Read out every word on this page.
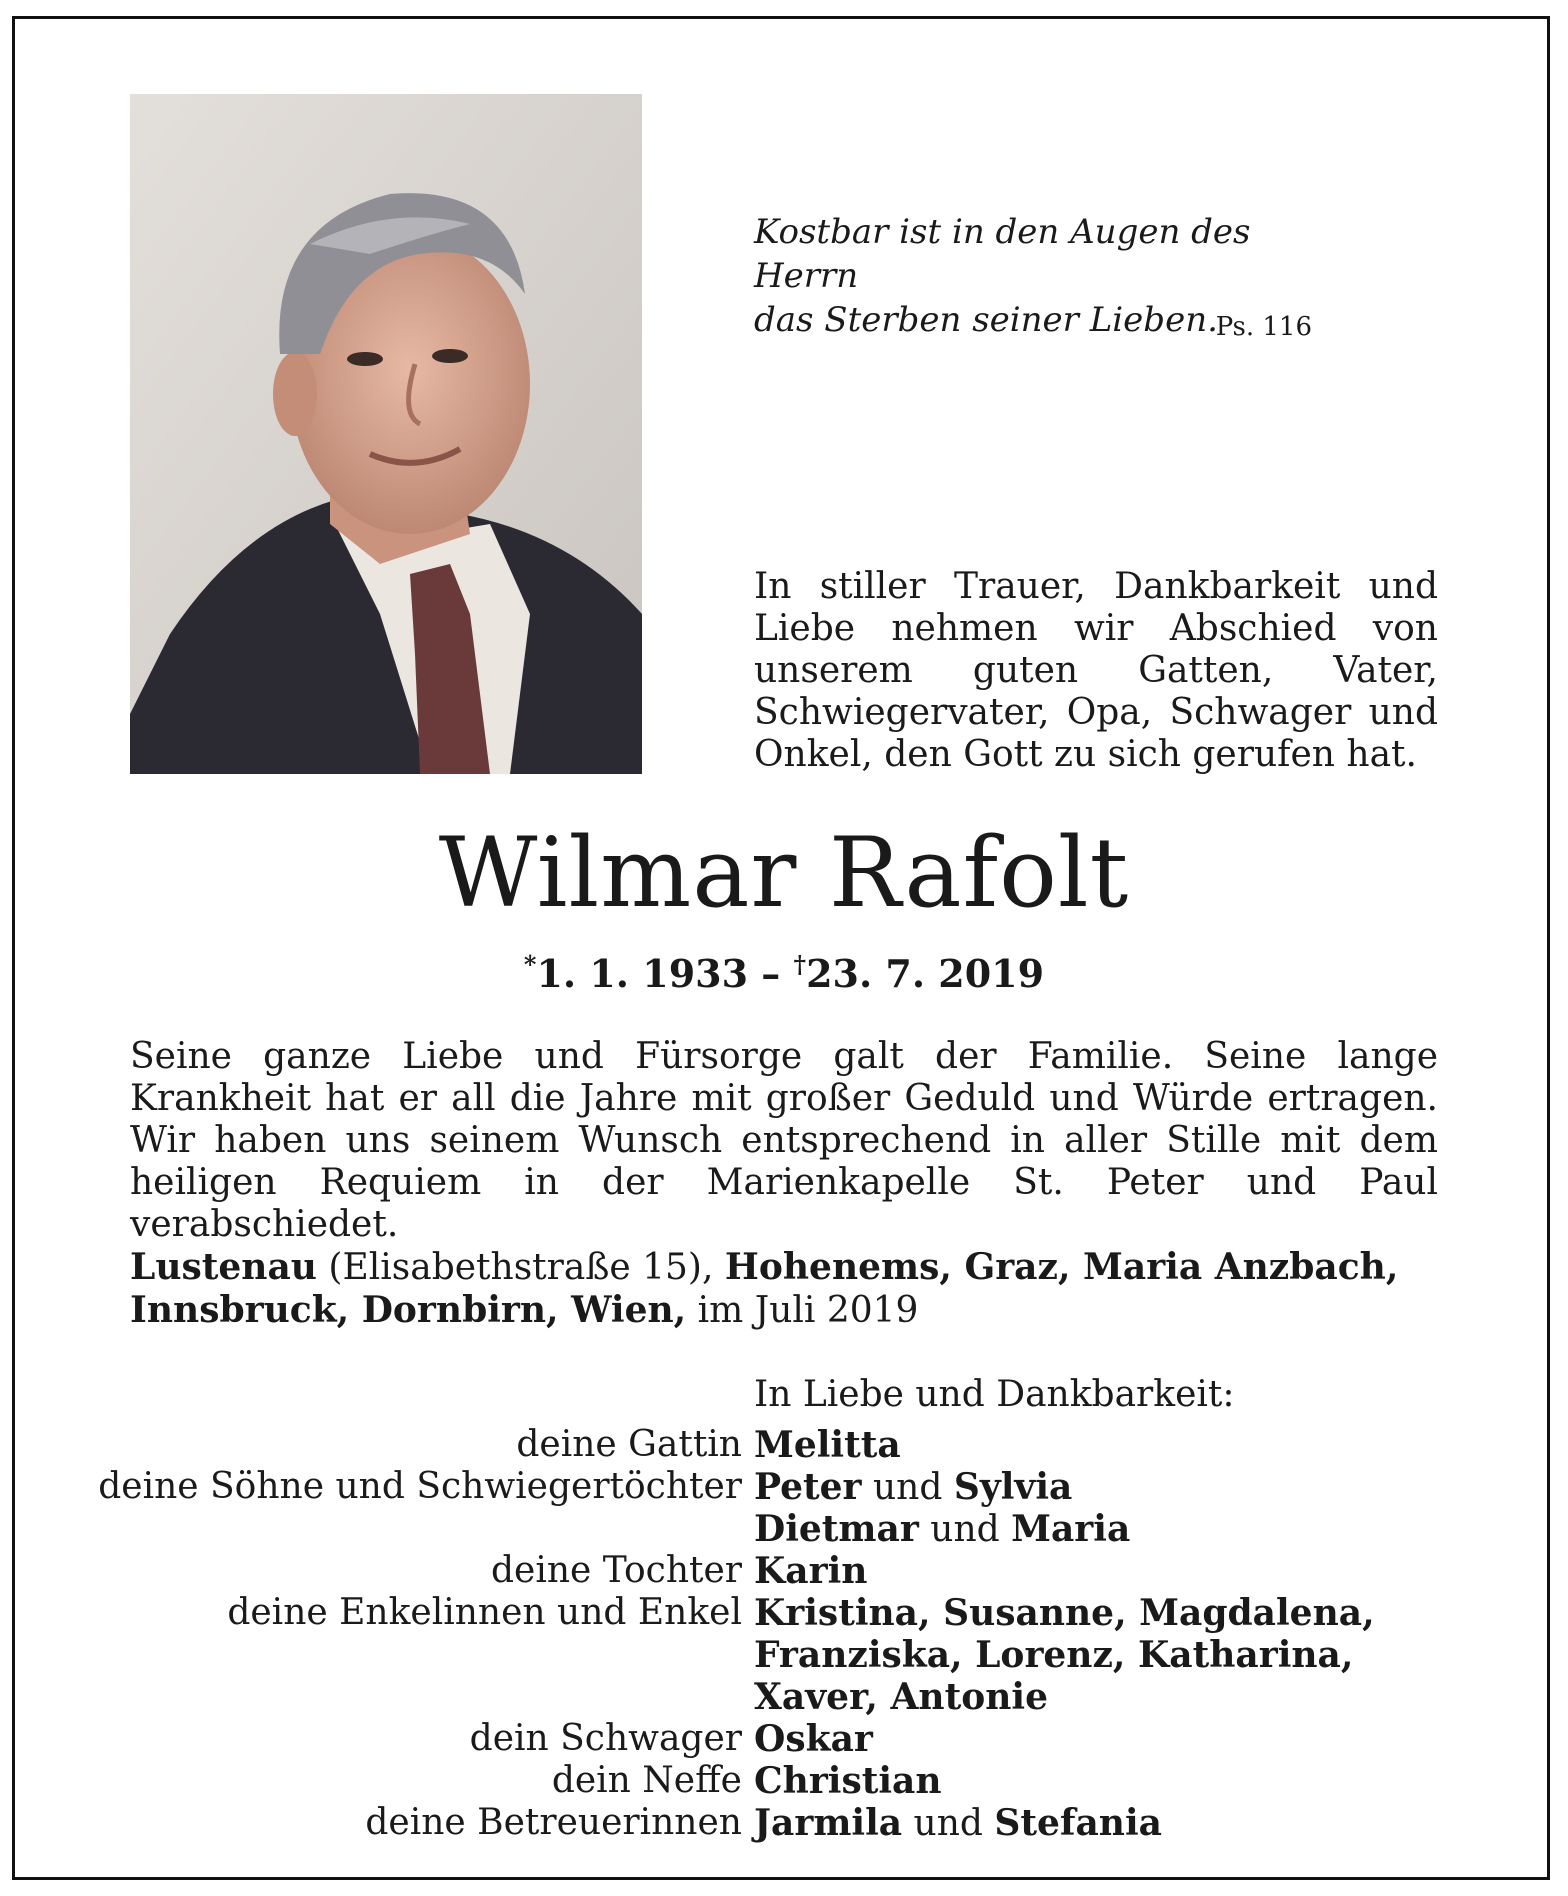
Kostbar ist in den Augen des Herrn
das Sterben seiner Lieben.
Ps. 116
In stiller Trauer, Dankbarkeit und Liebe nehmen wir Abschied von unserem guten Gatten, Vater, Schwiegervater, Opa, Schwager und Onkel, den Gott zu sich gerufen hat.
Wilmar Rafolt
*1. 1. 1933 – †23. 7. 2019
Seine ganze Liebe und Fürsorge galt der Familie. Seine lange Krankheit hat er all die Jahre mit großer Geduld und Würde ertragen. Wir haben uns seinem Wunsch entsprechend in aller Stille mit dem heiligen Requiem in der Marienkapelle St. Peter und Paul verabschiedet.
Lustenau (Elisabethstraße 15), Hohenems, Graz, Maria Anzbach,
Innsbruck, Dornbirn, Wien, im Juli 2019
In Liebe und Dankbarkeit:
deine Gattin Melitta
deine Söhne und Schwiegertöchter Peter und Sylvia
Dietmar und Maria
deine Tochter Karin
deine Enkelinnen und Enkel Kristina, Susanne, Magdalena,
Franziska, Lorenz, Katharina,
Xaver, Antonie
dein Schwager Oskar
dein Neffe Christian
deine Betreuerinnen Jarmila und Stefania
